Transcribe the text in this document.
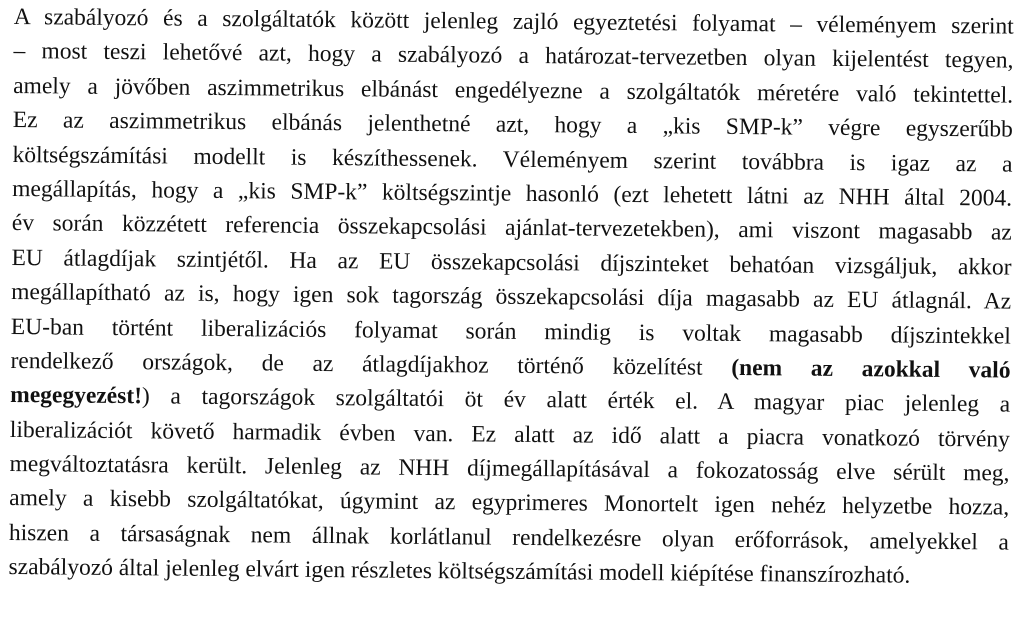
A szabályozó és a szolgáltatók között jelenleg zajló egyeztetési folyamat – véleményem szerint
– most teszi lehetővé azt, hogy a szabályozó a határozat-tervezetben olyan kijelentést tegyen,
amely a jövőben aszimmetrikus elbánást engedélyezne a szolgáltatók méretére való tekintettel.
Ez az aszimmetrikus elbánás jelenthetné azt, hogy a „kis SMP-k” végre egyszerűbb
költségszámítási modellt is készíthessenek. Véleményem szerint továbbra is igaz az a
megállapítás, hogy a „kis SMP-k” költségszintje hasonló (ezt lehetett látni az NHH által 2004.
év során közzétett referencia összekapcsolási ajánlat-tervezetekben), ami viszont magasabb az
EU átlagdíjak szintjétől. Ha az EU összekapcsolási díjszinteket behatóan vizsgáljuk, akkor
megállapítható az is, hogy igen sok tagország összekapcsolási díja magasabb az EU átlagnál. Az
EU-ban történt liberalizációs folyamat során mindig is voltak magasabb díjszintekkel
rendelkező országok, de az átlagdíjakhoz történő közelítést (nem az azokkal való
megegyezést!) a tagországok szolgáltatói öt év alatt érték el. A magyar piac jelenleg a
liberalizációt követő harmadik évben van. Ez alatt az idő alatt a piacra vonatkozó törvény
megváltoztatásra került. Jelenleg az NHH díjmegállapításával a fokozatosság elve sérült meg,
amely a kisebb szolgáltatókat, úgymint az egyprimeres Monortelt igen nehéz helyzetbe hozza,
hiszen a társaságnak nem állnak korlátlanul rendelkezésre olyan erőforrások, amelyekkel a
szabályozó által jelenleg elvárt igen részletes költségszámítási modell kiépítése finanszírozható.
